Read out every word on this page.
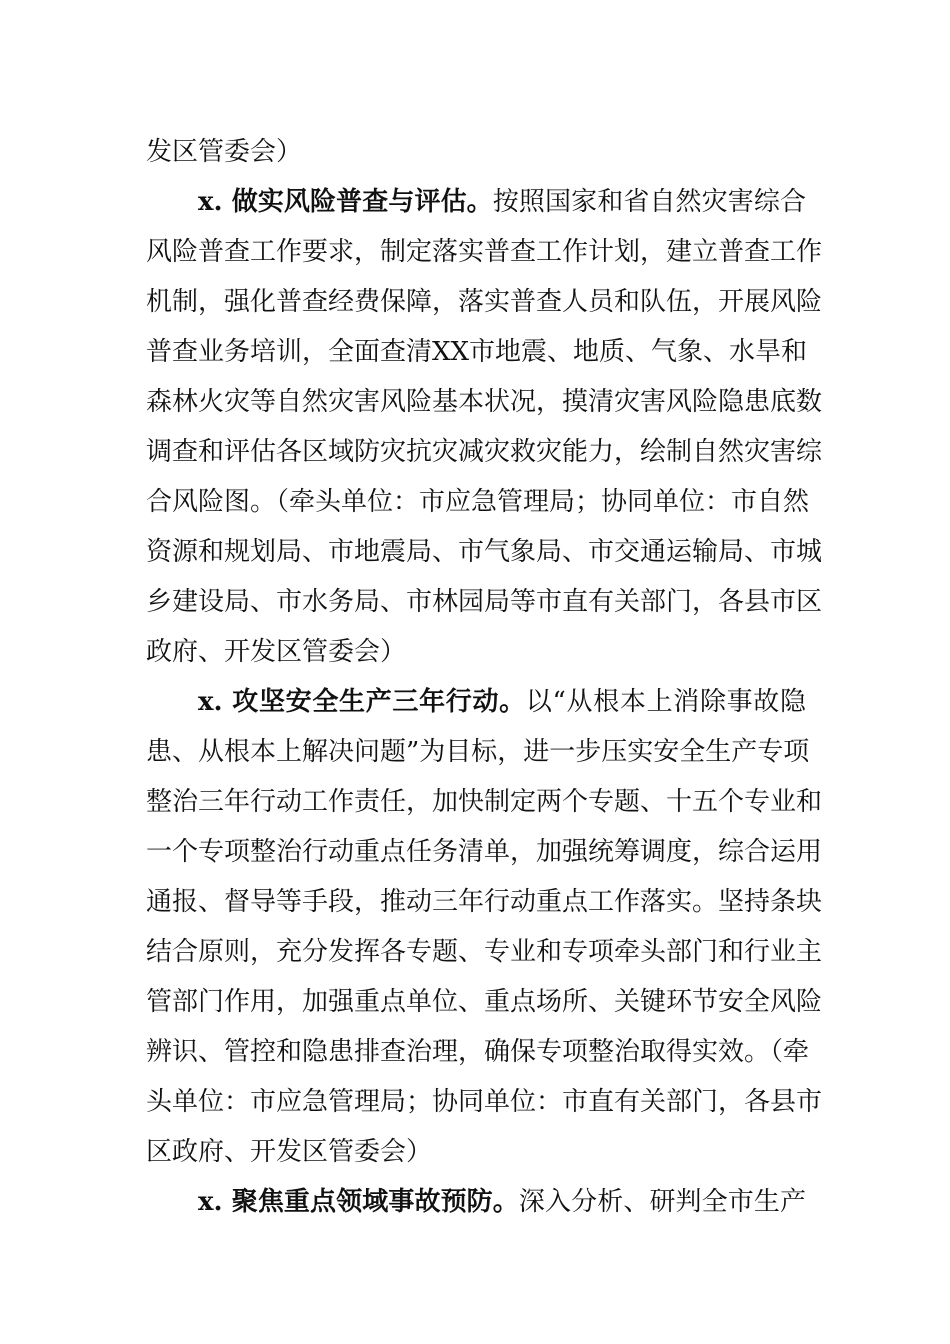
发区管委会）
x. 做实风险普查与评估。按照国家和省自然灾害综合
风险普查工作要求，制定落实普查工作计划，建立普查工作
机制，强化普查经费保障，落实普查人员和队伍，开展风险
普查业务培训，全面查清XX市地震、地质、气象、水旱和
森林火灾等自然灾害风险基本状况，摸清灾害风险隐患底数
调查和评估各区域防灾抗灾减灾救灾能力，绘制自然灾害综
合风险图。（牵头单位：市应急管理局；协同单位：市自然
资源和规划局、市地震局、市气象局、市交通运输局、市城
乡建设局、市水务局、市林园局等市直有关部门，各县市区
政府、开发区管委会）
x. 攻坚安全生产三年行动。以“从根本上消除事故隐
患、从根本上解决问题”为目标，进一步压实安全生产专项
整治三年行动工作责任，加快制定两个专题、十五个专业和
一个专项整治行动重点任务清单，加强统筹调度，综合运用
通报、督导等手段，推动三年行动重点工作落实。坚持条块
结合原则，充分发挥各专题、专业和专项牵头部门和行业主
管部门作用，加强重点单位、重点场所、关键环节安全风险
辨识、管控和隐患排查治理，确保专项整治取得实效。（牵
头单位：市应急管理局；协同单位：市直有关部门，各县市
区政府、开发区管委会）
x. 聚焦重点领域事故预防。深入分析、研判全市生产
